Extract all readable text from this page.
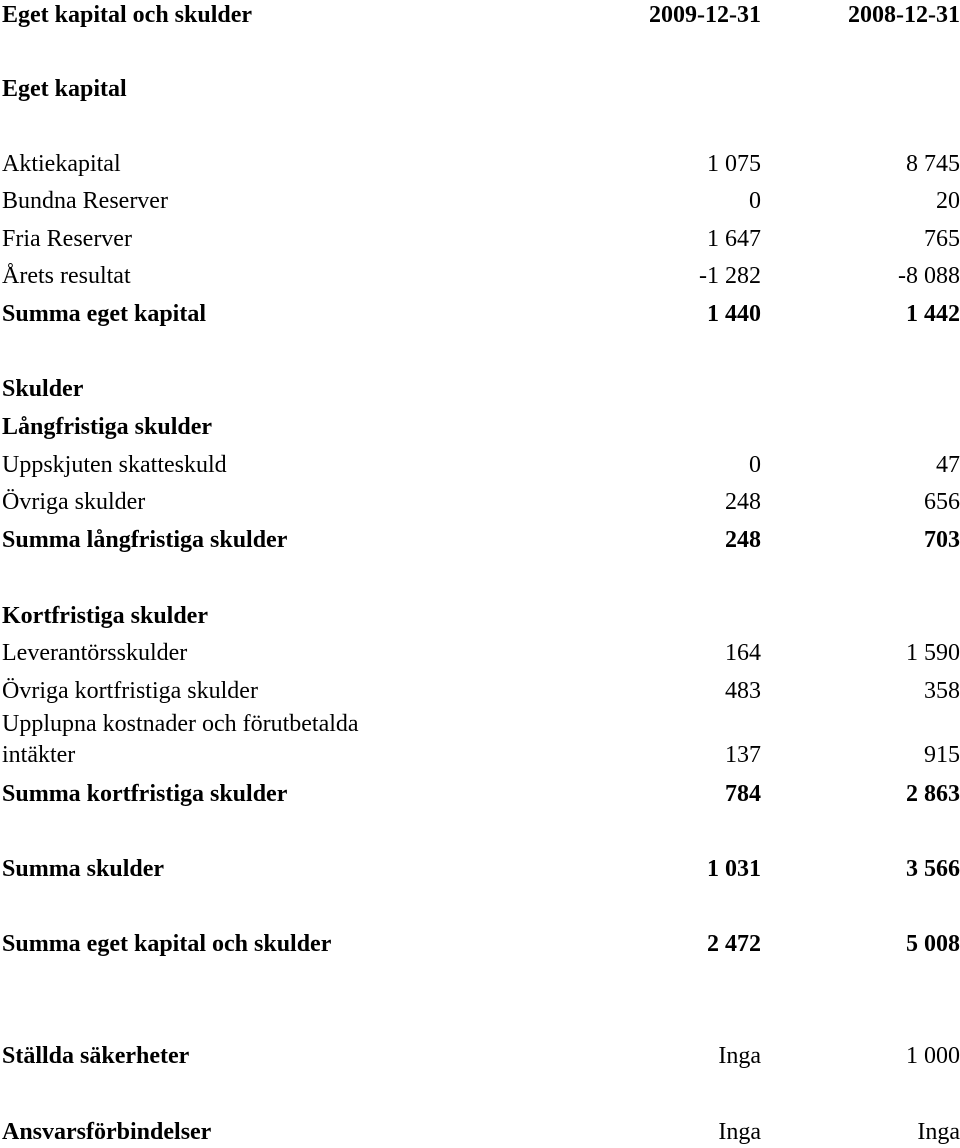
Eget kapital och skulder	2009-12-31	2008-12-31
Eget kapital
Aktiekapital	1 075	8 745
Bundna Reserver	0	20
Fria Reserver	1 647	765
Årets resultat	-1 282	-8 088
Summa eget kapital	1 440	1 442
Skulder
Långfristiga skulder
Uppskjuten skatteskuld	0	47
Övriga skulder	248	656
Summa långfristiga skulder	248	703
Kortfristiga skulder
Leverantörsskulder	164	1 590
Övriga kortfristiga skulder	483	358
Upplupna kostnader och förutbetalda
intäkter	137	915
Summa kortfristiga skulder	784	2 863
Summa skulder	1 031	3 566
Summa eget kapital och skulder	2 472	5 008
Ställda säkerheter	Inga	1 000
Ansvarsförbindelser	Inga	Inga
